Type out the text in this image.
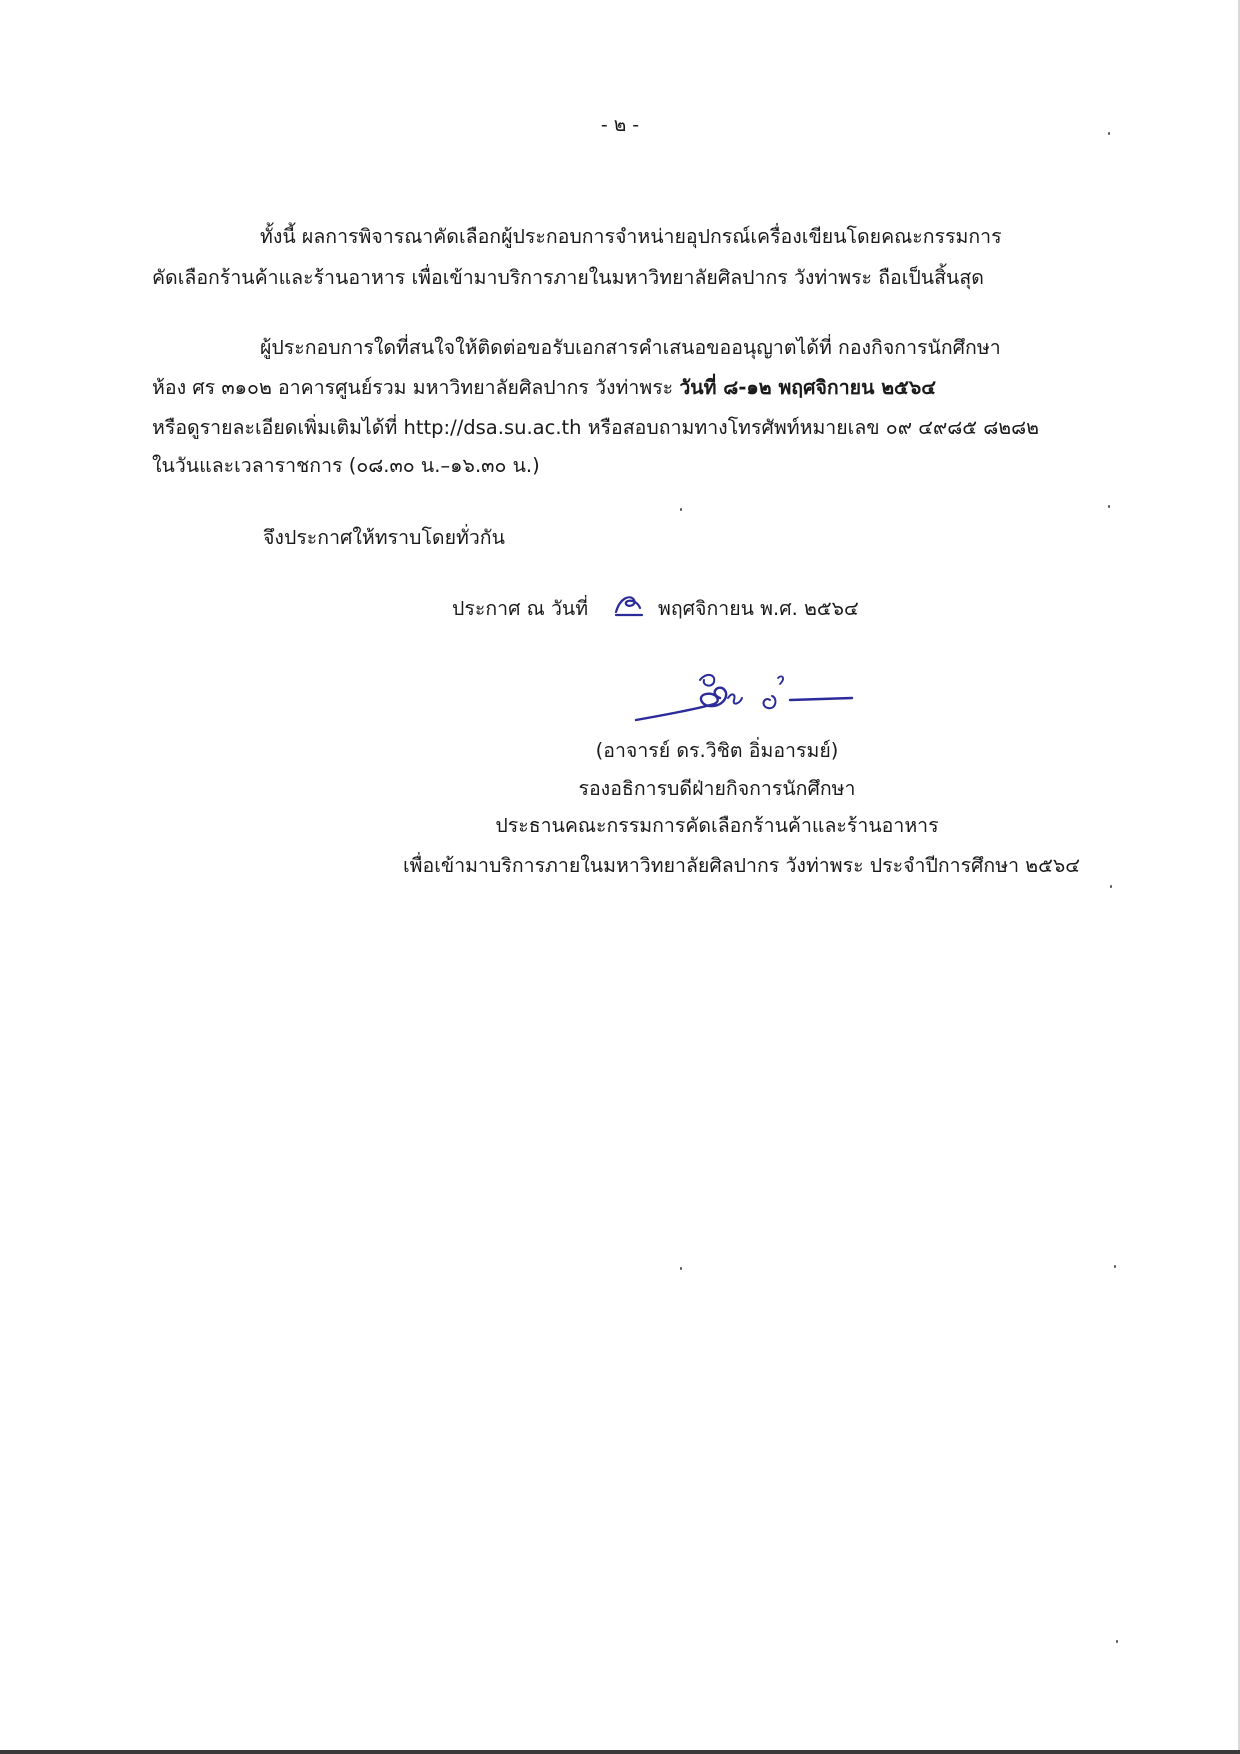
- ๒ -
ทั้งนี้ ผลการพิจารณาคัดเลือกผู้ประกอบการจำหน่ายอุปกรณ์เครื่องเขียนโดยคณะกรรมการ
คัดเลือกร้านค้าและร้านอาหาร เพื่อเข้ามาบริการภายในมหาวิทยาลัยศิลปากร วังท่าพระ ถือเป็นสิ้นสุด
ผู้ประกอบการใดที่สนใจให้ติดต่อขอรับเอกสารคำเสนอขออนุญาตได้ที่ กองกิจการนักศึกษา
ห้อง ศร ๓๑๐๒ อาคารศูนย์รวม มหาวิทยาลัยศิลปากร วังท่าพระ วันที่ ๘-๑๒ พฤศจิกายน ๒๕๖๔
หรือดูรายละเอียดเพิ่มเติมได้ที่ http://dsa.su.ac.th หรือสอบถามทางโทรศัพท์หมายเลข ๐๙ ๔๙๘๕ ๘๒๘๒
ในวันและเวลาราชการ (๐๘.๓๐ น.–๑๖.๓๐ น.)
จึงประกาศให้ทราบโดยทั่วกัน
ประกาศ ณ วันที่	พฤศจิกายน พ.ศ. ๒๕๖๔
(อาจารย์ ดร.วิชิต อิ่มอารมย์)
รองอธิการบดีฝ่ายกิจการนักศึกษา
ประธานคณะกรรมการคัดเลือกร้านค้าและร้านอาหาร
เพื่อเข้ามาบริการภายในมหาวิทยาลัยศิลปากร วังท่าพระ ประจำปีการศึกษา ๒๕๖๔
